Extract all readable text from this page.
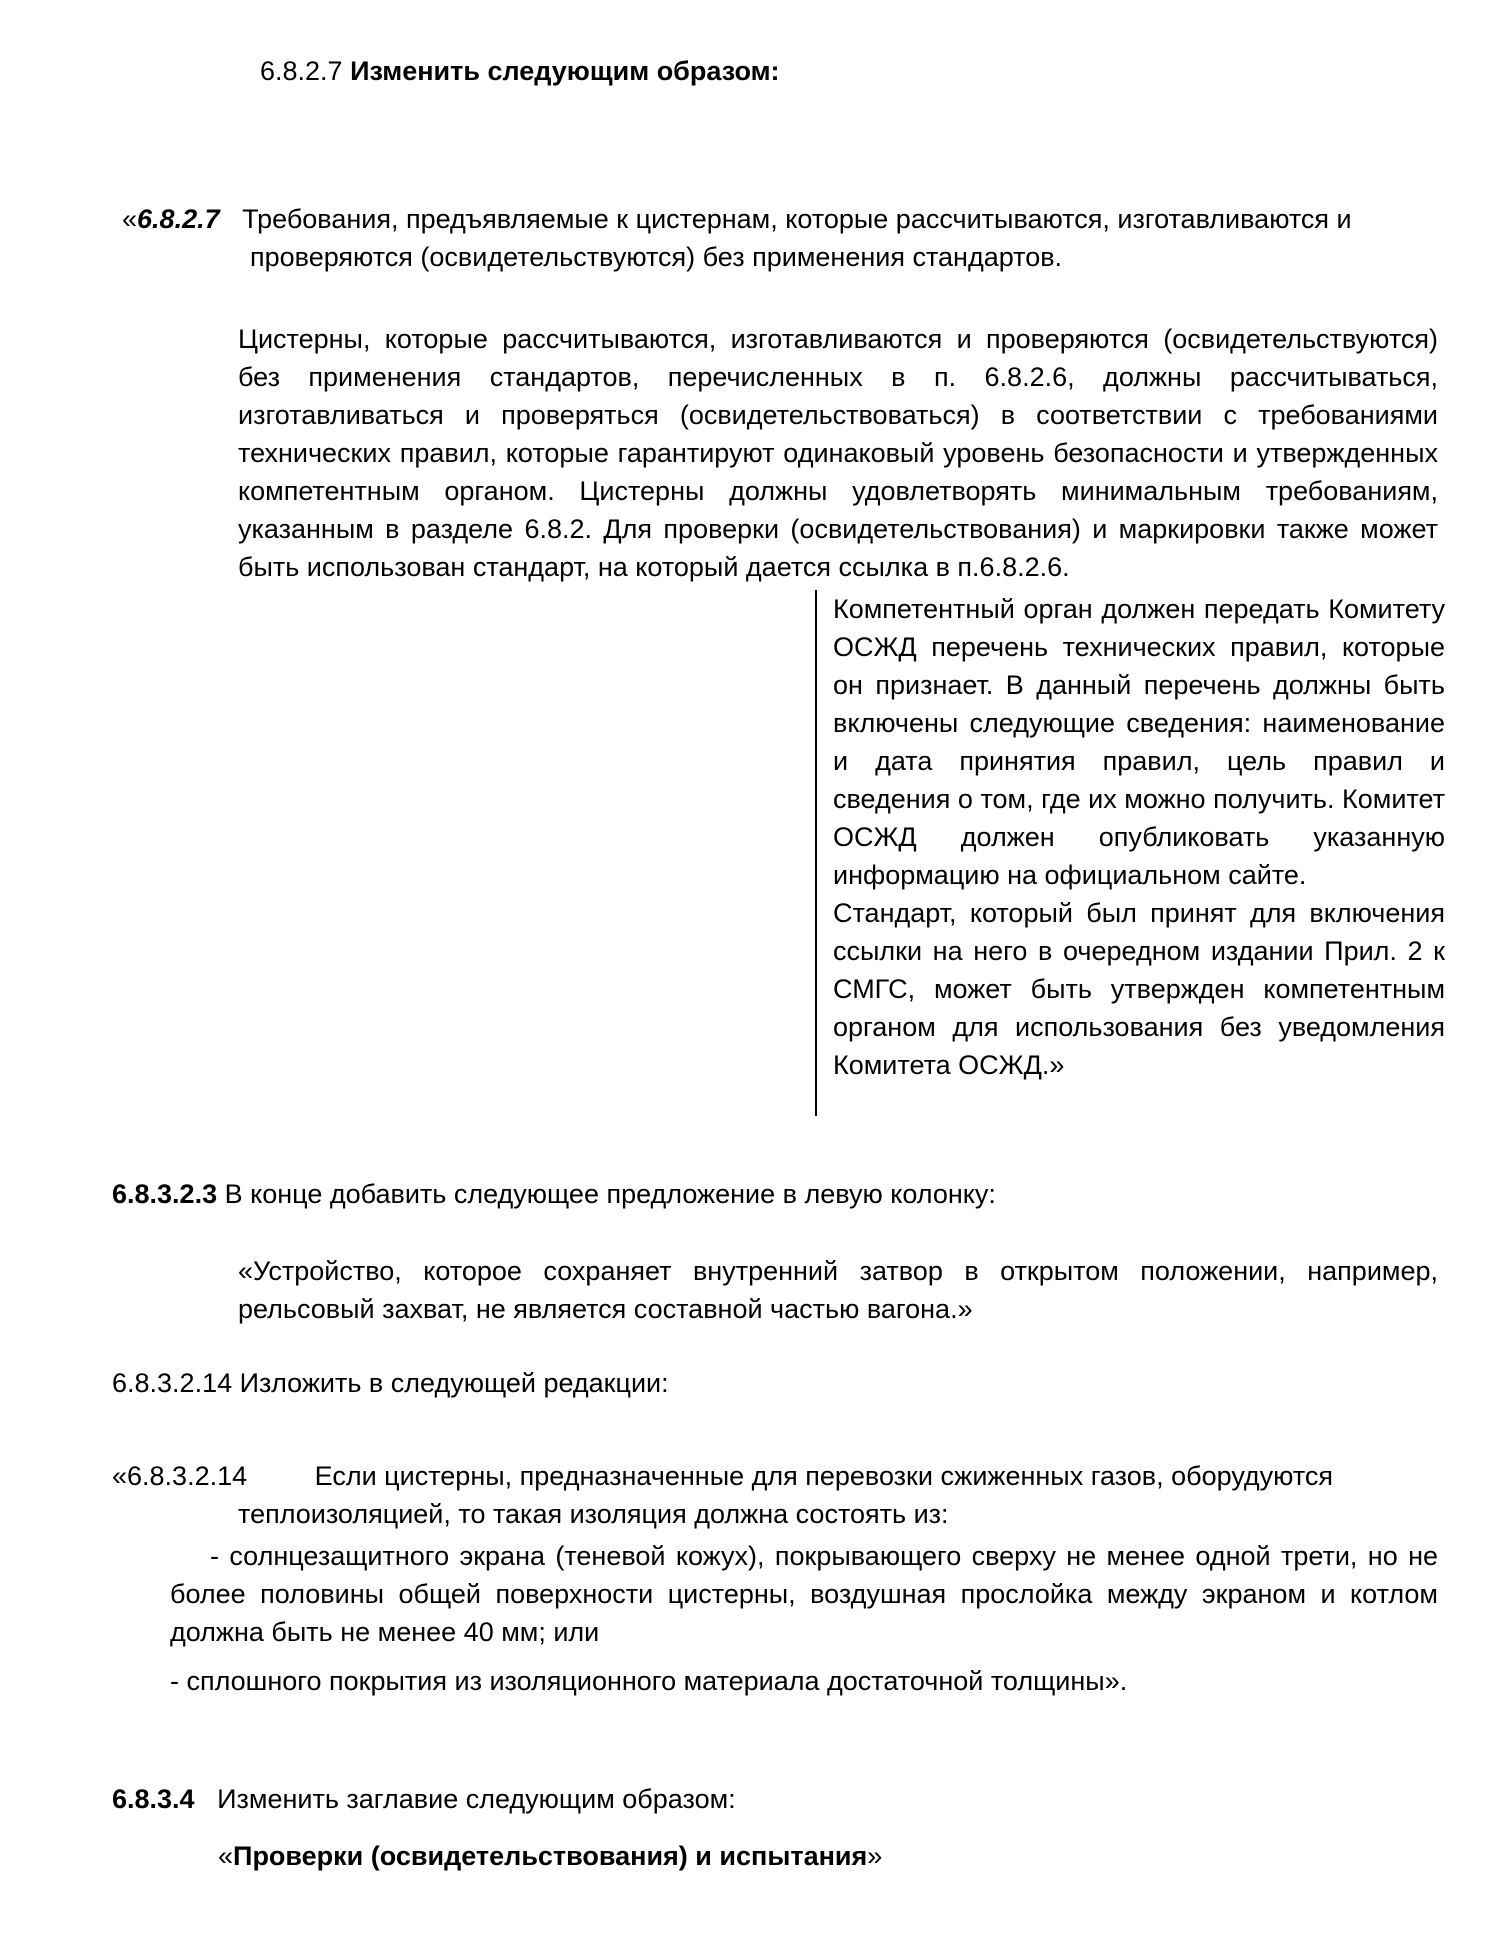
6.8.2.7 Изменить следующим образом:

«6.8.2.7 Требования, предъявляемые к цистернам, которые рассчитываются, изготавливаются и
проверяются (освидетельствуются) без применения стандартов.

Цистерны, которые рассчитываются, изготавливаются и проверяются (освидетельствуются) без применения стандартов, перечисленных в п. 6.8.2.6, должны рассчитываться, изготавливаться и проверяться (освидетельствоваться) в соответствии с требованиями технических правил, которые гарантируют одинаковый уровень безопасности и утвержденных компетентным органом. Цистерны должны удовлетворять минимальным требованиям, указанным в разделе 6.8.2. Для проверки (освидетельствования) и маркировки также может быть использован стандарт, на который дается ссылка в п.6.8.2.6.

Компетентный орган должен передать Комитету ОСЖД перечень технических правил, которые он признает. В данный перечень должны быть включены следующие сведения: наименование и дата принятия правил, цель правил и сведения о том, где их можно получить. Комитет ОСЖД должен опубликовать указанную информацию на официальном сайте.

Стандарт, который был принят для включения ссылки на него в очередном издании Прил. 2 к СМГС, может быть утвержден компетентным органом для использования без уведомления Комитета ОСЖД.»

6.8.3.2.3 В конце добавить следующее предложение в левую колонку:

«Устройство, которое сохраняет внутренний затвор в открытом положении, например, рельсовый захват, не является составной частью вагона.»

6.8.3.2.14 Изложить в следующей редакции:

«6.8.3.2.14	Если цистерны, предназначенные для перевозки сжиженных газов, оборудуются
теплоизоляцией, то такая изоляция должна состоять из:

- солнцезащитного экрана (теневой кожух), покрывающего сверху не менее одной трети, но не более половины общей поверхности цистерны, воздушная прослойка между экраном и котлом должна быть не менее 40 мм; или

- сплошного покрытия из изоляционного материала достаточной толщины».

6.8.3.4 Изменить заглавие следующим образом:

«Проверки (освидетельствования) и испытания»
